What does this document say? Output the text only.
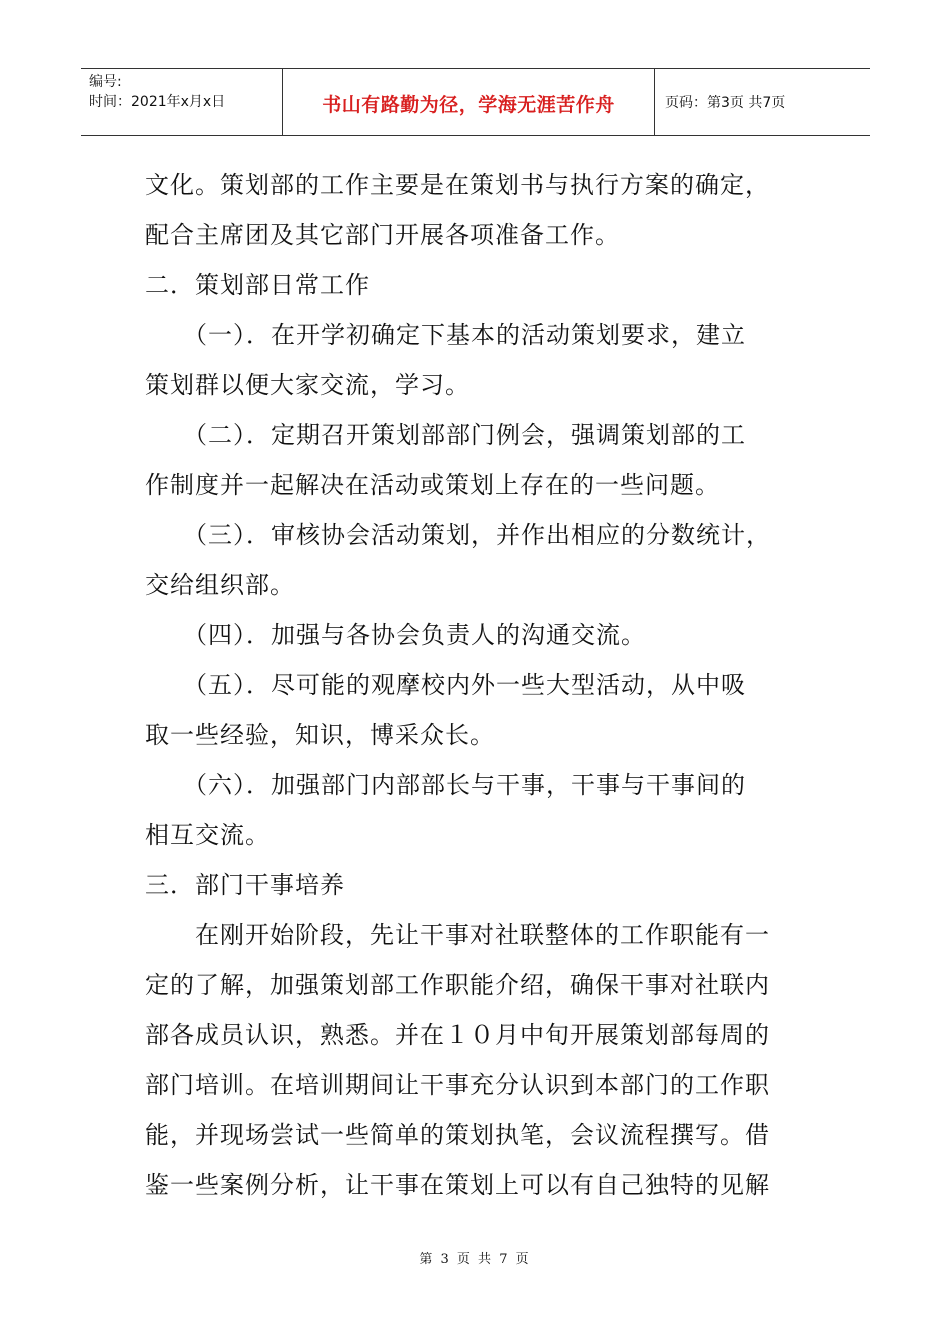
编号:
时间：2021年x月x日	书山有路勤为径，学海无涯苦作舟	页码：第3页 共7页

文化。策划部的工作主要是在策划书与执行方案的确定，

配合主席团及其它部门开展各项准备工作。

二．策划部日常工作

　　（一）．在开学初确定下基本的活动策划要求，建立

策划群以便大家交流，学习。

　　（二）．定期召开策划部部门例会，强调策划部的工

作制度并一起解决在活动或策划上存在的一些问题。

　　（三）．审核协会活动策划，并作出相应的分数统计，

交给组织部。

　　（四）．加强与各协会负责人的沟通交流。

　　（五）．尽可能的观摩校内外一些大型活动，从中吸

取一些经验，知识，博采众长。

　　（六）．加强部门内部部长与干事，干事与干事间的

相互交流。

三．部门干事培养

　　在刚开始阶段，先让干事对社联整体的工作职能有一

定的了解，加强策划部工作职能介绍，确保干事对社联内

部各成员认识，熟悉。并在１０月中旬开展策划部每周的

部门培训。在培训期间让干事充分认识到本部门的工作职

能，并现场尝试一些简单的策划执笔，会议流程撰写。借

鉴一些案例分析，让干事在策划上可以有自己独特的见解

第 3 页 共 7 页
